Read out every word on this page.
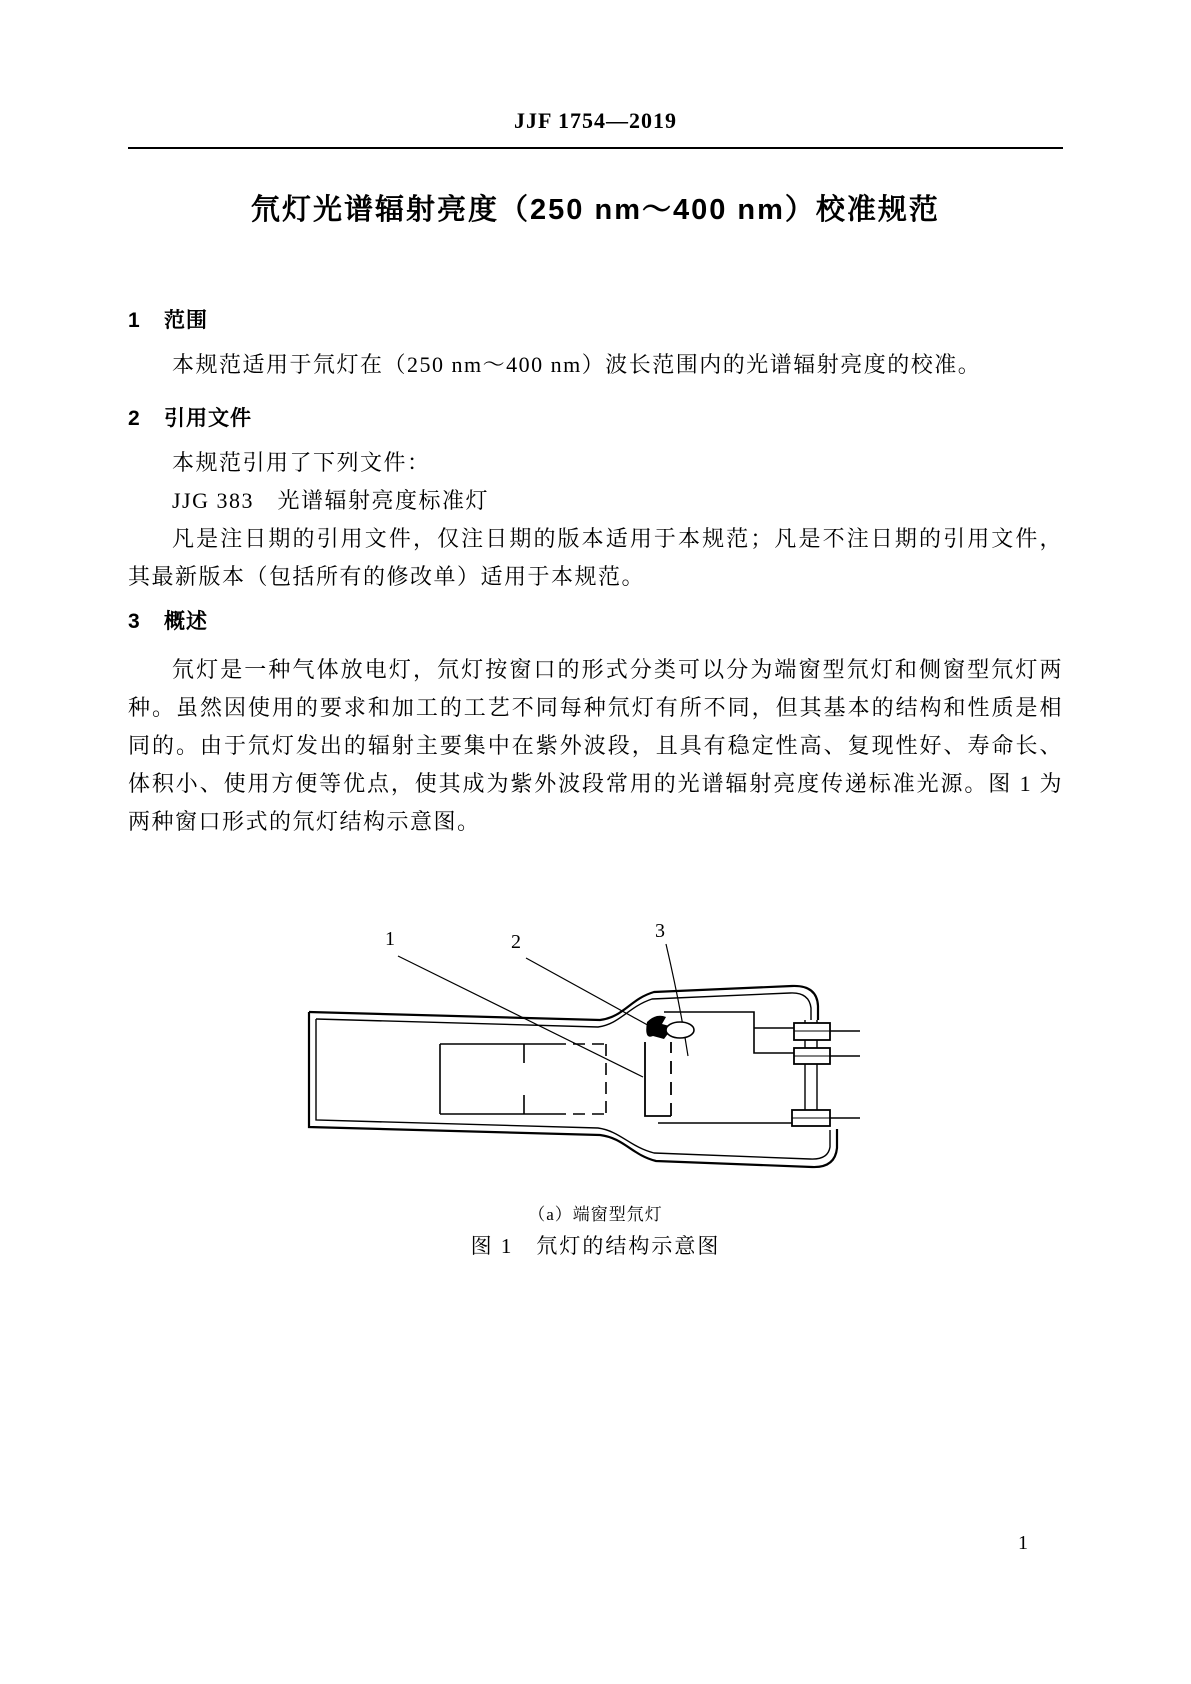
JJF 1754—2019
氘灯光谱辐射亮度（250 nm～400 nm）校准规范
1 范围

本规范适用于氘灯在（250 nm～400 nm）波长范围内的光谱辐射亮度的校准。

2 引用文件

本规范引用了下列文件：

JJG 383　光谱辐射亮度标准灯

凡是注日期的引用文件，仅注日期的版本适用于本规范；凡是不注日期的引用文件，其最新版本（包括所有的修改单）适用于本规范。

3 概述

氘灯是一种气体放电灯，氘灯按窗口的形式分类可以分为端窗型氘灯和侧窗型氘灯两种。虽然因使用的要求和加工的工艺不同每种氘灯有所不同，但其基本的结构和性质是相同的。由于氘灯发出的辐射主要集中在紫外波段，且具有稳定性高、复现性好、寿命长、体积小、使用方便等优点，使其成为紫外波段常用的光谱辐射亮度传递标准光源。图 1 为两种窗口形式的氘灯结构示意图。

1	2	3
（a）端窗型氘灯
图 1　氘灯的结构示意图
1
